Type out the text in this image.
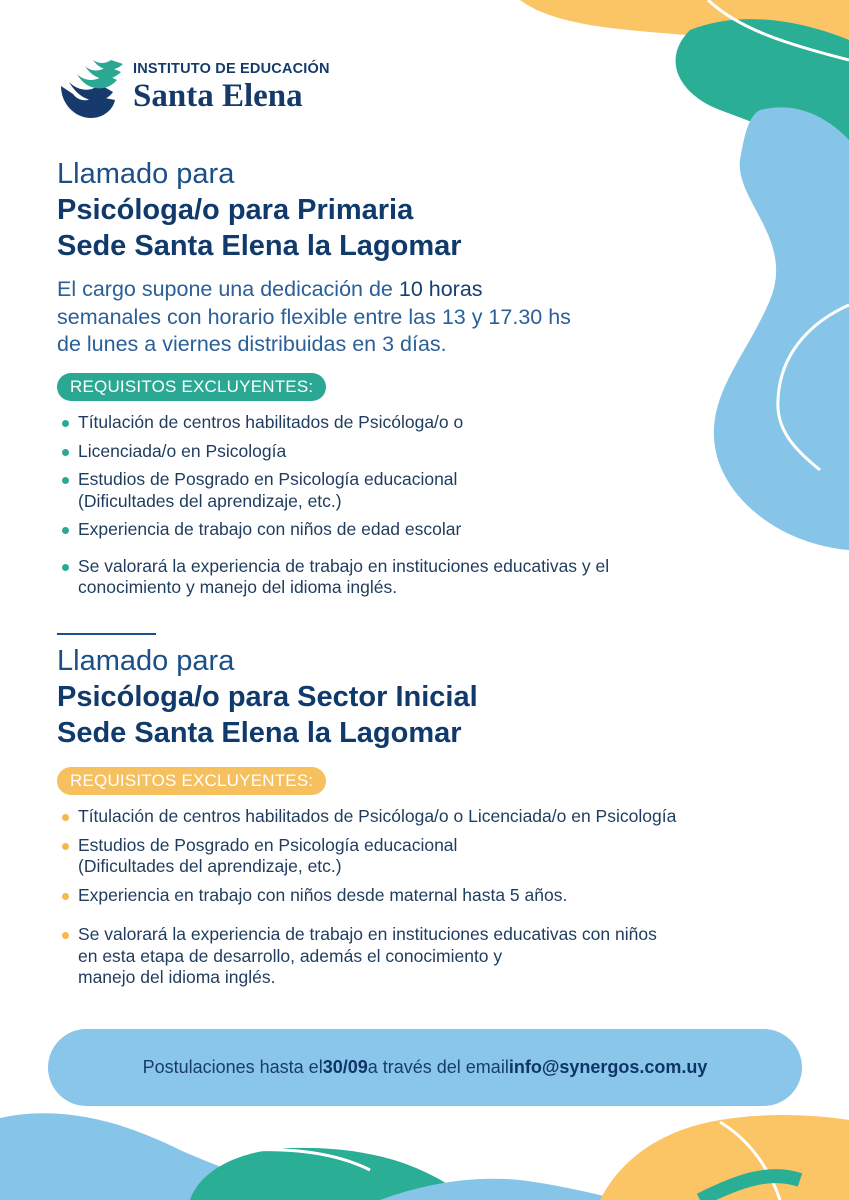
INSTITUTO DE EDUCACIÓN
Santa Elena
Llamado para
Psicóloga/o para Primaria
Sede Santa Elena la Lagomar
El cargo supone una dedicación de 10 horas
semanales con horario flexible entre las 13 y 17.30 hs
de lunes a viernes distribuidas en 3 días.
REQUISITOS EXCLUYENTES:
Títulación de centros habilitados de Psicóloga/o o
Licenciada/o en Psicología
Estudios de Posgrado en Psicología educacional
(Dificultades del aprendizaje, etc.)
Experiencia de trabajo con niños de edad escolar
Se valorará la experiencia de trabajo en instituciones educativas y el
conocimiento y manejo del idioma inglés.
Llamado para
Psicóloga/o para Sector Inicial
Sede Santa Elena la Lagomar
REQUISITOS EXCLUYENTES:
Títulación de centros habilitados de Psicóloga/o o Licenciada/o en Psicología
Estudios de Posgrado en Psicología educacional
(Dificultades del aprendizaje, etc.)
Experiencia en trabajo con niños desde maternal hasta 5 años.
Se valorará la experiencia de trabajo en instituciones educativas con niños
en esta etapa de desarrollo, además el conocimiento y
manejo del idioma inglés.
Postulaciones hasta el 30/09 a través del email info@synergos.com.uy
